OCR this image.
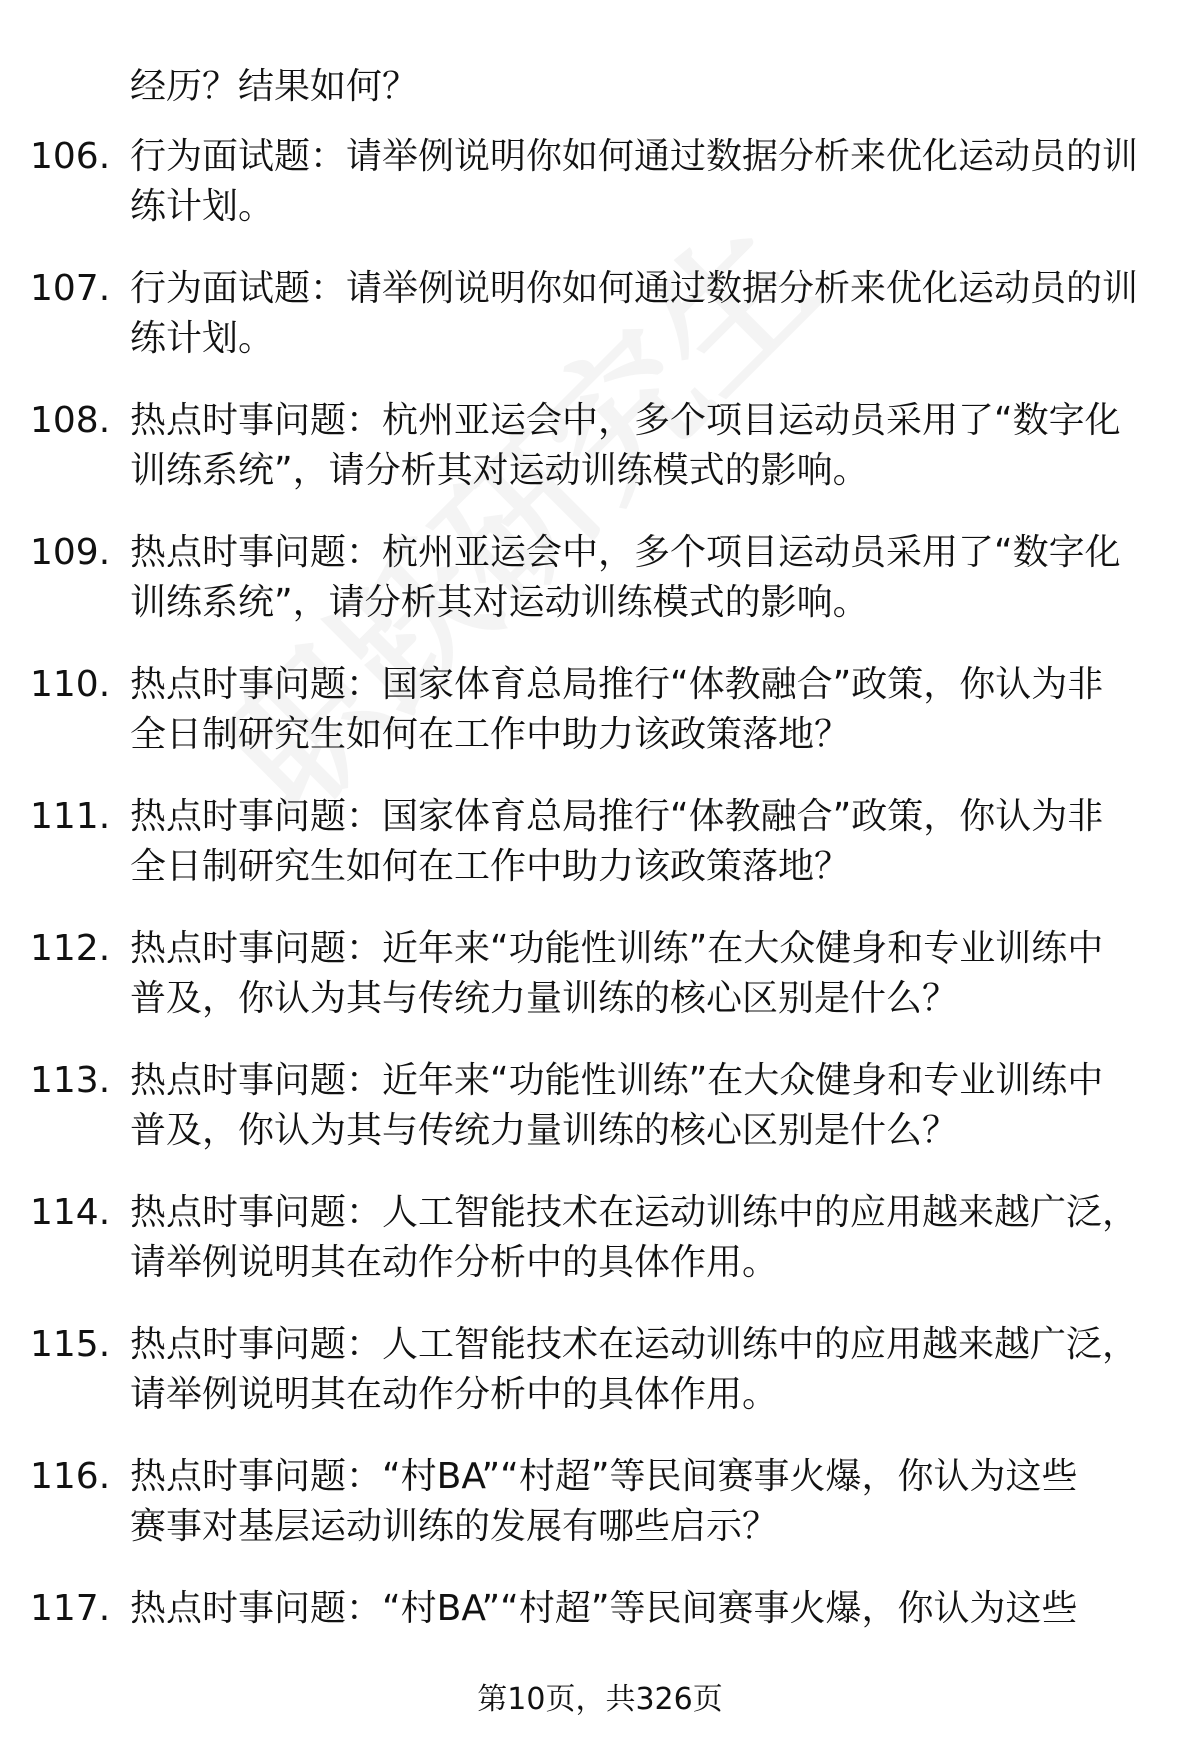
经历？结果如何？
106. 行为面试题：请举例说明你如何通过数据分析来优化运动员的训
练计划。
107. 行为面试题：请举例说明你如何通过数据分析来优化运动员的训
练计划。
108. 热点时事问题：杭州亚运会中，多个项目运动员采用了“数字化
训练系统”，请分析其对运动训练模式的影响。
109. 热点时事问题：杭州亚运会中，多个项目运动员采用了“数字化
训练系统”，请分析其对运动训练模式的影响。
110. 热点时事问题：国家体育总局推行“体教融合”政策，你认为非
全日制研究生如何在工作中助力该政策落地？
111. 热点时事问题：国家体育总局推行“体教融合”政策，你认为非
全日制研究生如何在工作中助力该政策落地？
112. 热点时事问题：近年来“功能性训练”在大众健身和专业训练中
普及，你认为其与传统力量训练的核心区别是什么？
113. 热点时事问题：近年来“功能性训练”在大众健身和专业训练中
普及，你认为其与传统力量训练的核心区别是什么？
114. 热点时事问题：人工智能技术在运动训练中的应用越来越广泛，
请举例说明其在动作分析中的具体作用。
115. 热点时事问题：人工智能技术在运动训练中的应用越来越广泛，
请举例说明其在动作分析中的具体作用。
116. 热点时事问题：“村BA”“村超”等民间赛事火爆，你认为这些
赛事对基层运动训练的发展有哪些启示？
117. 热点时事问题：“村BA”“村超”等民间赛事火爆，你认为这些
第10页，共326页
